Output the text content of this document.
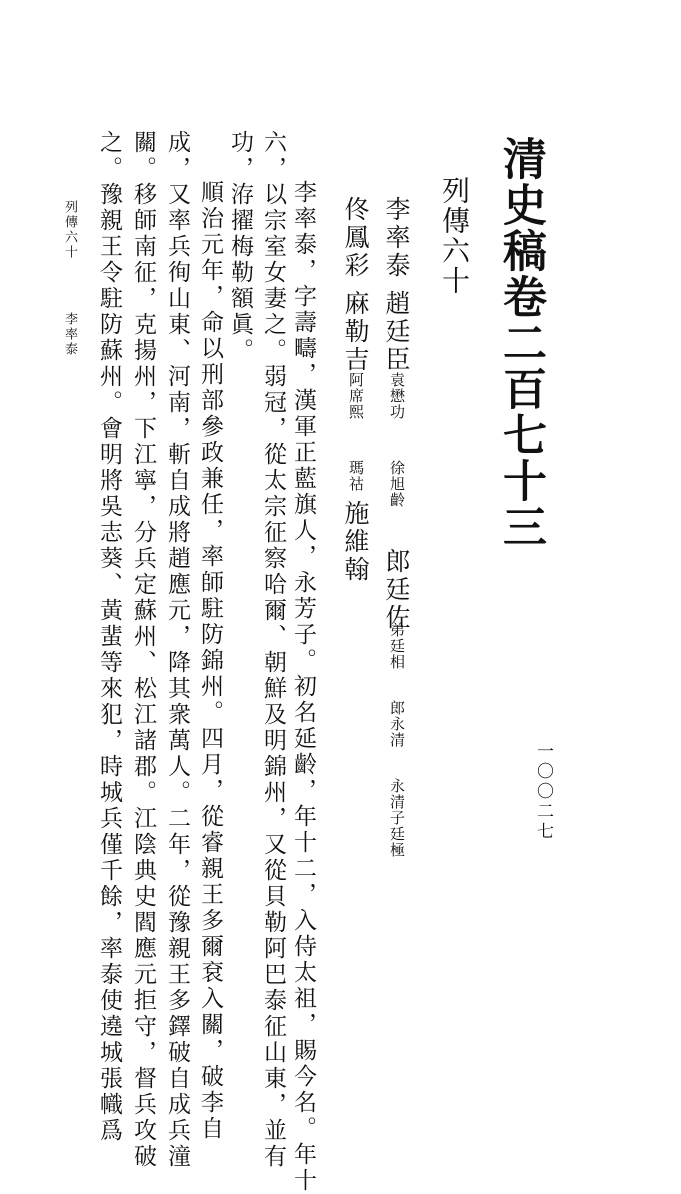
清史稿卷二百七十三
列傳六十
李率泰
趙廷臣
袁懋功
徐旭齡
郎廷佐
弟廷相
郎永清
永清子廷極
佟鳳彩
麻勒吉
阿席熙
瑪祜
施維翰
李率泰，字壽疇，漢軍正藍旗人，永芳子。初名延齡，年十二，入侍太祖，賜今名。年十
六，以宗室女妻之。弱冠，從太宗征察哈爾、朝鮮及明錦州，又從貝勒阿巴泰征山東，並有
功，洊擢梅勒額眞。
順治元年，命以刑部參政兼任，率師駐防錦州。四月，從睿親王多爾袞入關，破李自
成，又率兵徇山東、河南，斬自成將趙應元，降其衆萬人。二年，從豫親王多鐸破自成兵潼
關。移師南征，克揚州，下江寧，分兵定蘇州、松江諸郡。江陰典史閻應元拒守，督兵攻破
之。豫親王令駐防蘇州。會明將吳志葵、黃蜚等來犯，時城兵僅千餘，率泰使遶城張幟爲
列傳六十
李率泰
一〇〇二七
